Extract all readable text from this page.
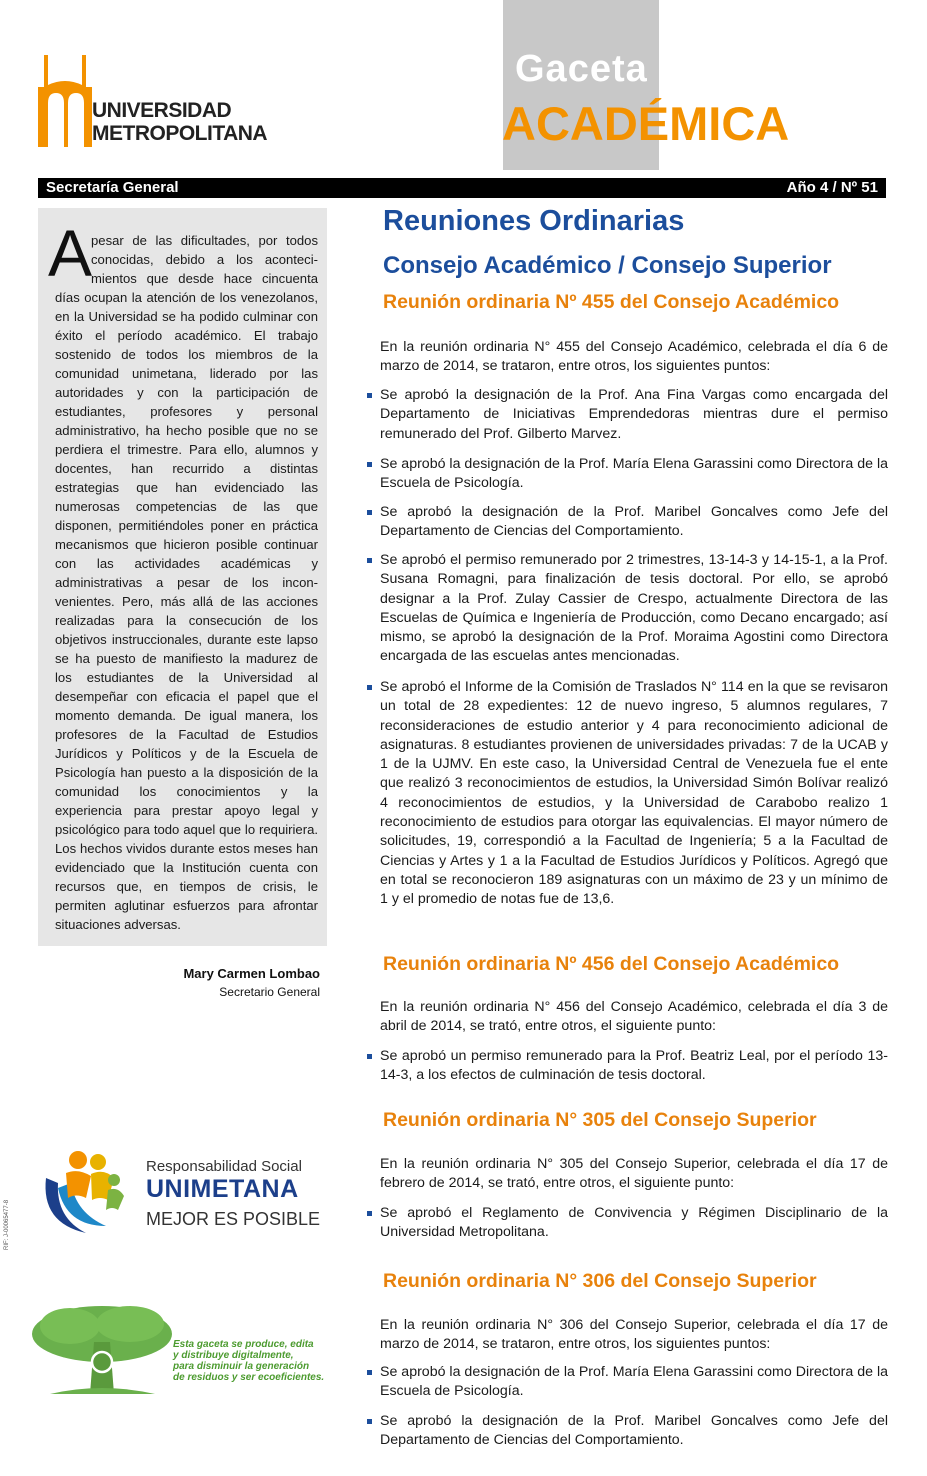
UNIVERSIDAD
METROPOLITANA
Gaceta
ACADÉMICA
Secretaría General	Año 4 / Nº 51
A
pesar de las dificultades, por todos conocidas, debido a los aconteci- mientos que desde hace cincuenta días ocupan la atención de los venezolanos, en la Universidad se ha podido culminar con éxito el período académico. El trabajo sostenido de todos los miembros de la comunidad unimetana, liderado por las autoridades y con la participación de estudiantes, profesores y personal administrativo, ha hecho posible que no se perdiera el trimestre. Para ello, alumnos y docentes, han recurrido a distintas estrategias que han evidenciado las numerosas competencias de las que disponen, permitiéndoles poner en práctica mecanismos que hicieron posible continuar con las actividades académicas y administrativas a pesar de los incon- venientes. Pero, más allá de las acciones realizadas para la consecución de los objetivos instruccionales, durante este lapso se ha puesto de manifiesto la madurez de los estudiantes de la Universidad al desempeñar con eficacia el papel que el momento demanda. De igual manera, los profesores de la Facultad de Estudios Jurídicos y Políticos y de la Escuela de Psicología han puesto a la disposición de la comunidad los conocimientos y la experiencia para prestar apoyo legal y psicológico para todo aquel que lo requiriera. Los hechos vividos durante estos meses han evidenciado que la Institución cuenta con recursos que, en tiempos de crisis, le permiten aglutinar esfuerzos para afrontar situaciones adversas.
Mary Carmen Lombao
Secretario General
Responsabilidad Social
UNIMETANA
MEJOR ES POSIBLE
RIF: J-00065477-8
Esta gaceta se produce, edita
y distribuye digitalmente,
para disminuir la generación
de residuos y ser ecoeficientes.
Reuniones Ordinarias
Consejo Académico / Consejo Superior
Reunión ordinaria Nº 455 del Consejo Académico
En la reunión ordinaria N° 455 del Consejo Académico, celebrada el día 6 de marzo de 2014, se trataron, entre otros, los siguientes puntos:
Se aprobó la designación de la Prof. Ana Fina Vargas como encargada del Departamento de Iniciativas Emprendedoras mientras dure el permiso remunerado del Prof. Gilberto Marvez.
Se aprobó la designación de la Prof. María Elena Garassini como Directora de la Escuela de Psicología.
Se aprobó la designación de la Prof. Maribel Goncalves como Jefe del Departamento de Ciencias del Comportamiento.
Se aprobó el permiso remunerado por 2 trimestres, 13-14-3 y 14-15-1, a la Prof. Susana Romagni, para finalización de tesis doctoral. Por ello, se aprobó designar a la Prof. Zulay Cassier de Crespo, actualmente Directora de las Escuelas de Química e Ingeniería de Producción, como Decano encargado; así mismo, se aprobó la designación de la Prof. Moraima Agostini como Directora encargada de las escuelas antes mencionadas.
Se aprobó el Informe de la Comisión de Traslados N° 114 en la que se revisaron un total de 28 expedientes: 12 de nuevo ingreso, 5 alumnos regulares, 7 reconsideraciones de estudio anterior y 4 para reconocimiento adicional de asignaturas. 8 estudiantes provienen de universidades privadas: 7 de la UCAB y 1 de la UJMV. En este caso, la Universidad Central de Venezuela fue el ente que realizó 3 reconocimientos de estudios, la Universidad Simón Bolívar realizó 4 reconocimientos de estudios, y la Universidad de Carabobo realizo 1 reconocimiento de estudios para otorgar las equivalencias. El mayor número de solicitudes, 19, correspondió a la Facultad de Ingeniería; 5 a la Facultad de Ciencias y Artes y 1 a la Facultad de Estudios Jurídicos y Políticos. Agregó que en total se reconocieron 189 asignaturas con un máximo de 23 y un mínimo de 1 y el promedio de notas fue de 13,6.
Reunión ordinaria Nº 456 del Consejo Académico
En la reunión ordinaria N° 456 del Consejo Académico, celebrada el día 3 de abril de 2014, se trató, entre otros, el siguiente punto:
Se aprobó un permiso remunerado para la Prof. Beatriz Leal, por el período 13-14-3, a los efectos de culminación de tesis doctoral.
Reunión ordinaria N° 305 del Consejo Superior
En la reunión ordinaria N° 305 del Consejo Superior, celebrada el día 17 de febrero de 2014, se trató, entre otros, el siguiente punto:
Se aprobó el Reglamento de Convivencia y Régimen Disciplinario de la Universidad Metropolitana.
Reunión ordinaria N° 306 del Consejo Superior
En la reunión ordinaria N° 306 del Consejo Superior, celebrada el día 17 de marzo de 2014, se trataron, entre otros, los siguientes puntos:
Se aprobó la designación de la Prof. María Elena Garassini como Directora de la Escuela de Psicología.
Se aprobó la designación de la Prof. Maribel Goncalves como Jefe del Departamento de Ciencias del Comportamiento.
